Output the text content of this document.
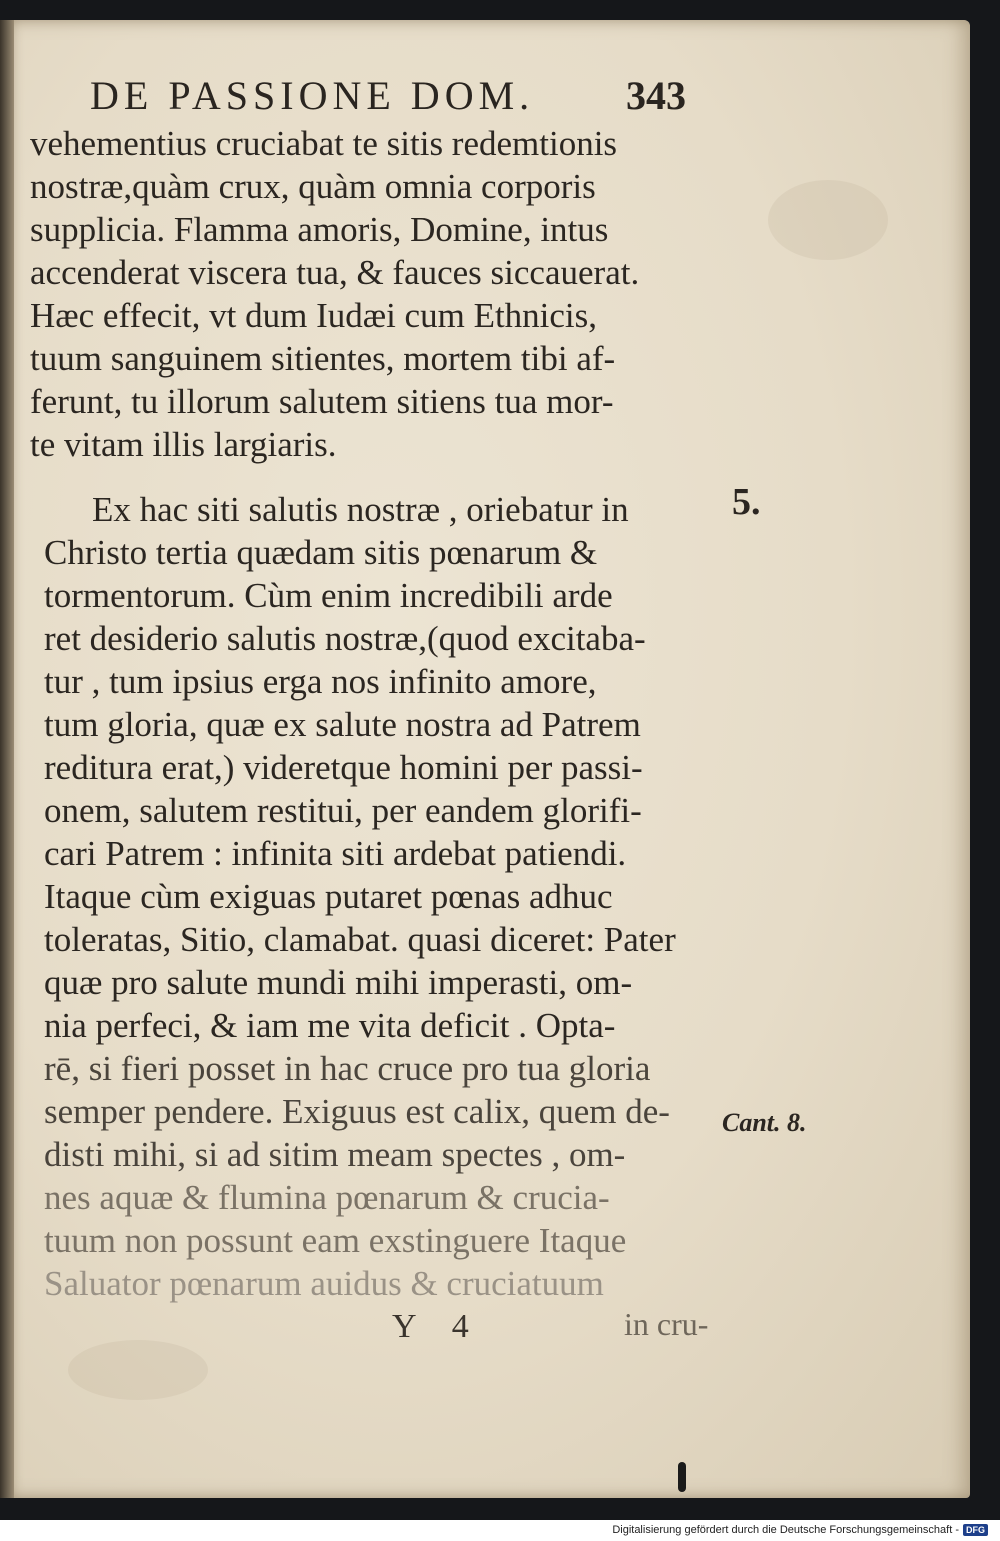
DE PASSIONE DOM. 343
vehementius cruciabat te sitis redemtionis
nostræ,quàm crux, quàm omnia corporis
supplicia. Flamma amoris, Domine, intus
accenderat viscera tua, & fauces siccauerat.
Hæc effecit, vt dum Iudæi cum Ethnicis,
tuum sanguinem sitientes, mortem tibi af-
ferunt, tu illorum salutem sitiens tua mor-
te vitam illis largiaris.
Ex hac siti salutis nostræ , oriebatur in
Christo tertia quædam sitis pœnarum &
tormentorum. Cùm enim incredibili arde
ret desiderio salutis nostræ,(quod excitaba-
tur , tum ipsius erga nos infinito amore,
tum gloria, quæ ex salute nostra ad Patrem
reditura erat,) videretque homini per passi-
onem, salutem restitui, per eandem glorifi-
cari Patrem : infinita siti ardebat patiendi.
Itaque cùm exiguas putaret pœnas adhuc
toleratas, Sitio, clamabat. quasi diceret: Pater
quæ pro salute mundi mihi imperasti, om-
nia perfeci, & iam me vita deficit . Opta-
rē, si fieri posset in hac cruce pro tua gloria
semper pendere. Exiguus est calix, quem de-
disti mihi, si ad sitim meam spectes , om-
nes aquæ & flumina pœnarum & crucia-
tuum non possunt eam exstinguere Itaque
Saluator pœnarum auidus & cruciatuum
5.
Cant. 8.
Y 4	in cru-
Digitalisierung gefördert durch die Deutsche Forschungsgemeinschaft - DFG
